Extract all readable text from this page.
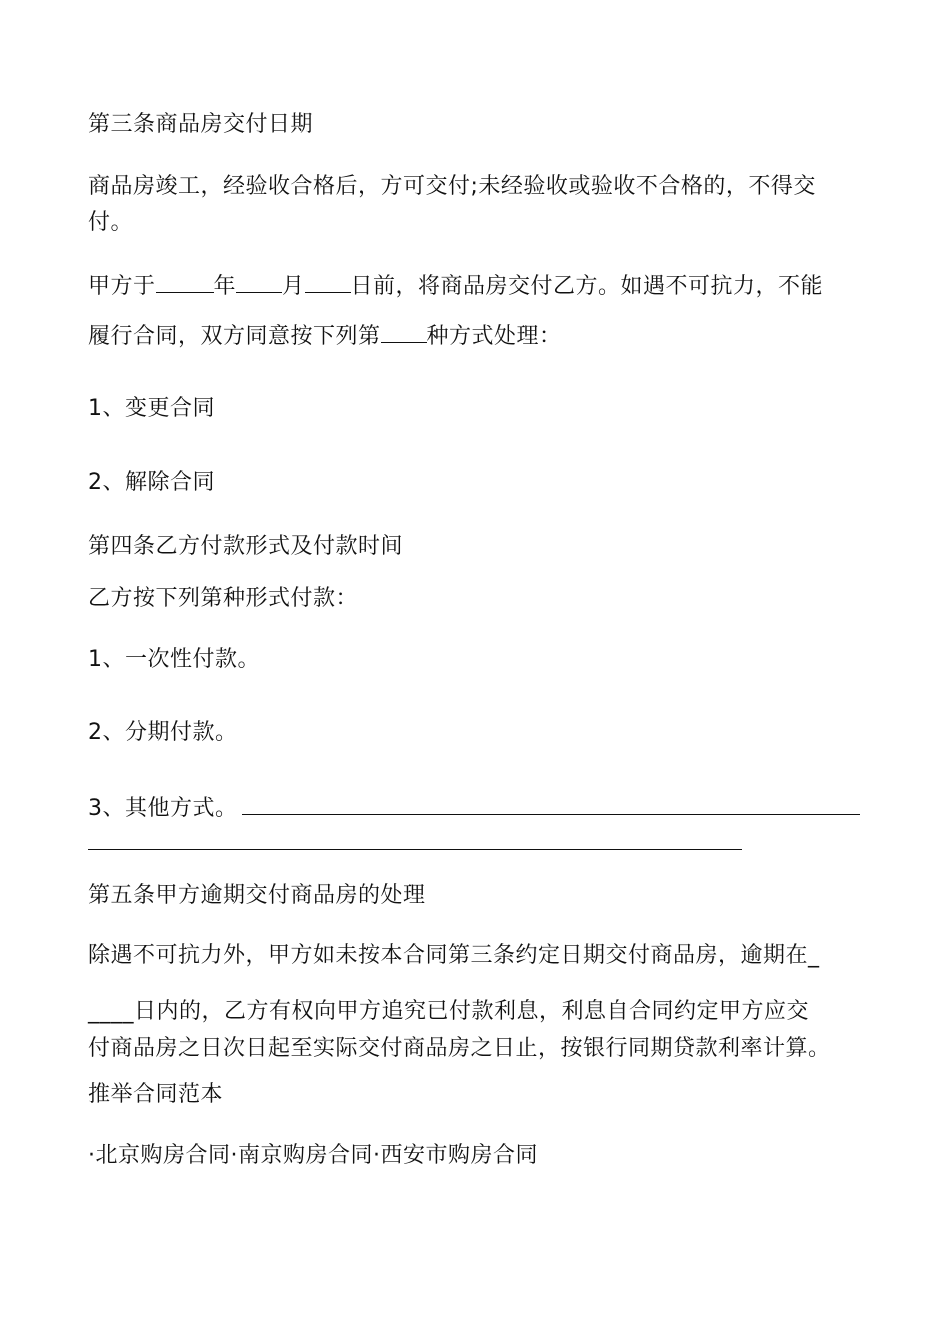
第三条商品房交付日期
商品房竣工，经验收合格后，方可交付;未经验收或验收不合格的，不得交
付。
甲方于	年 月 日前，将商品房交付乙方。如遇不可抗力，不能
履行合同，双方同意按下列第 种方式处理：
1、变更合同
2、解除合同
第四条乙方付款形式及付款时间
乙方按下列第种形式付款：
1、一次性付款。
2、分期付款。
3、其他方式。
第五条甲方逾期交付商品房的处理
除遇不可抗力外，甲方如未按本合同第三条约定日期交付商品房，逾期在_
____日内的，乙方有权向甲方追究已付款利息，利息自合同约定甲方应交
付商品房之日次日起至实际交付商品房之日止，按银行同期贷款利率计算。
推举合同范本
·北京购房合同·南京购房合同·西安市购房合同
